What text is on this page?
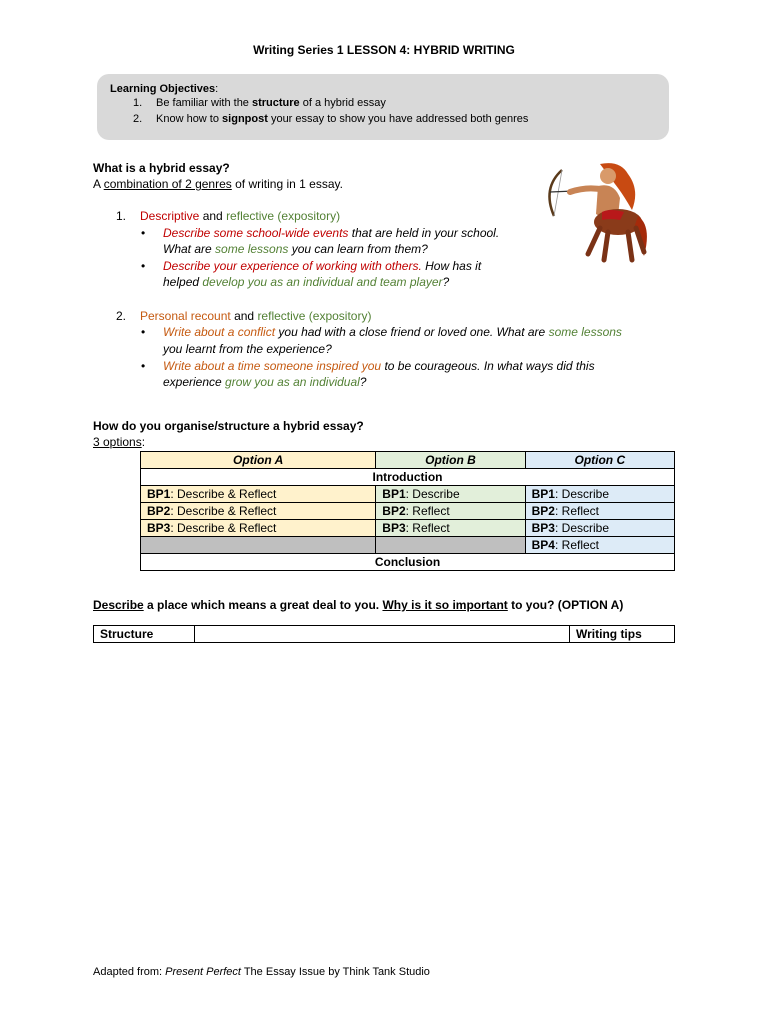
Writing Series 1 LESSON 4: HYBRID WRITING
Learning Objectives:
1. Be familiar with the structure of a hybrid essay
2. Know how to signpost your essay to show you have addressed both genres
What is a hybrid essay?
A combination of 2 genres of writing in 1 essay.
1. Descriptive and reflective (expository)
• Describe some school-wide events that are held in your school.
What are some lessons you can learn from them?
• Describe your experience of working with others. How has it
helped develop you as an individual and team player?
2. Personal recount and reflective (expository)
• Write about a conflict you had with a close friend or loved one. What are some lessons
you learnt from the experience?
• Write about a time someone inspired you to be courageous. In what ways did this
experience grow you as an individual?
How do you organise/structure a hybrid essay?
3 options:
Option A	Option B	Option C
Introduction		
BP1: Describe & Reflect	BP1: Describe	BP1: Describe
BP2: Describe & Reflect	BP2: Reflect	BP2: Reflect
BP3: Describe & Reflect	BP3: Reflect	BP3: Describe
		BP4: Reflect
Conclusion		
Describe a place which means a great deal to you. Why is it so important to you? (OPTION A)
Structure		Writing tips
Adapted from: Present Perfect The Essay Issue by Think Tank Studio
